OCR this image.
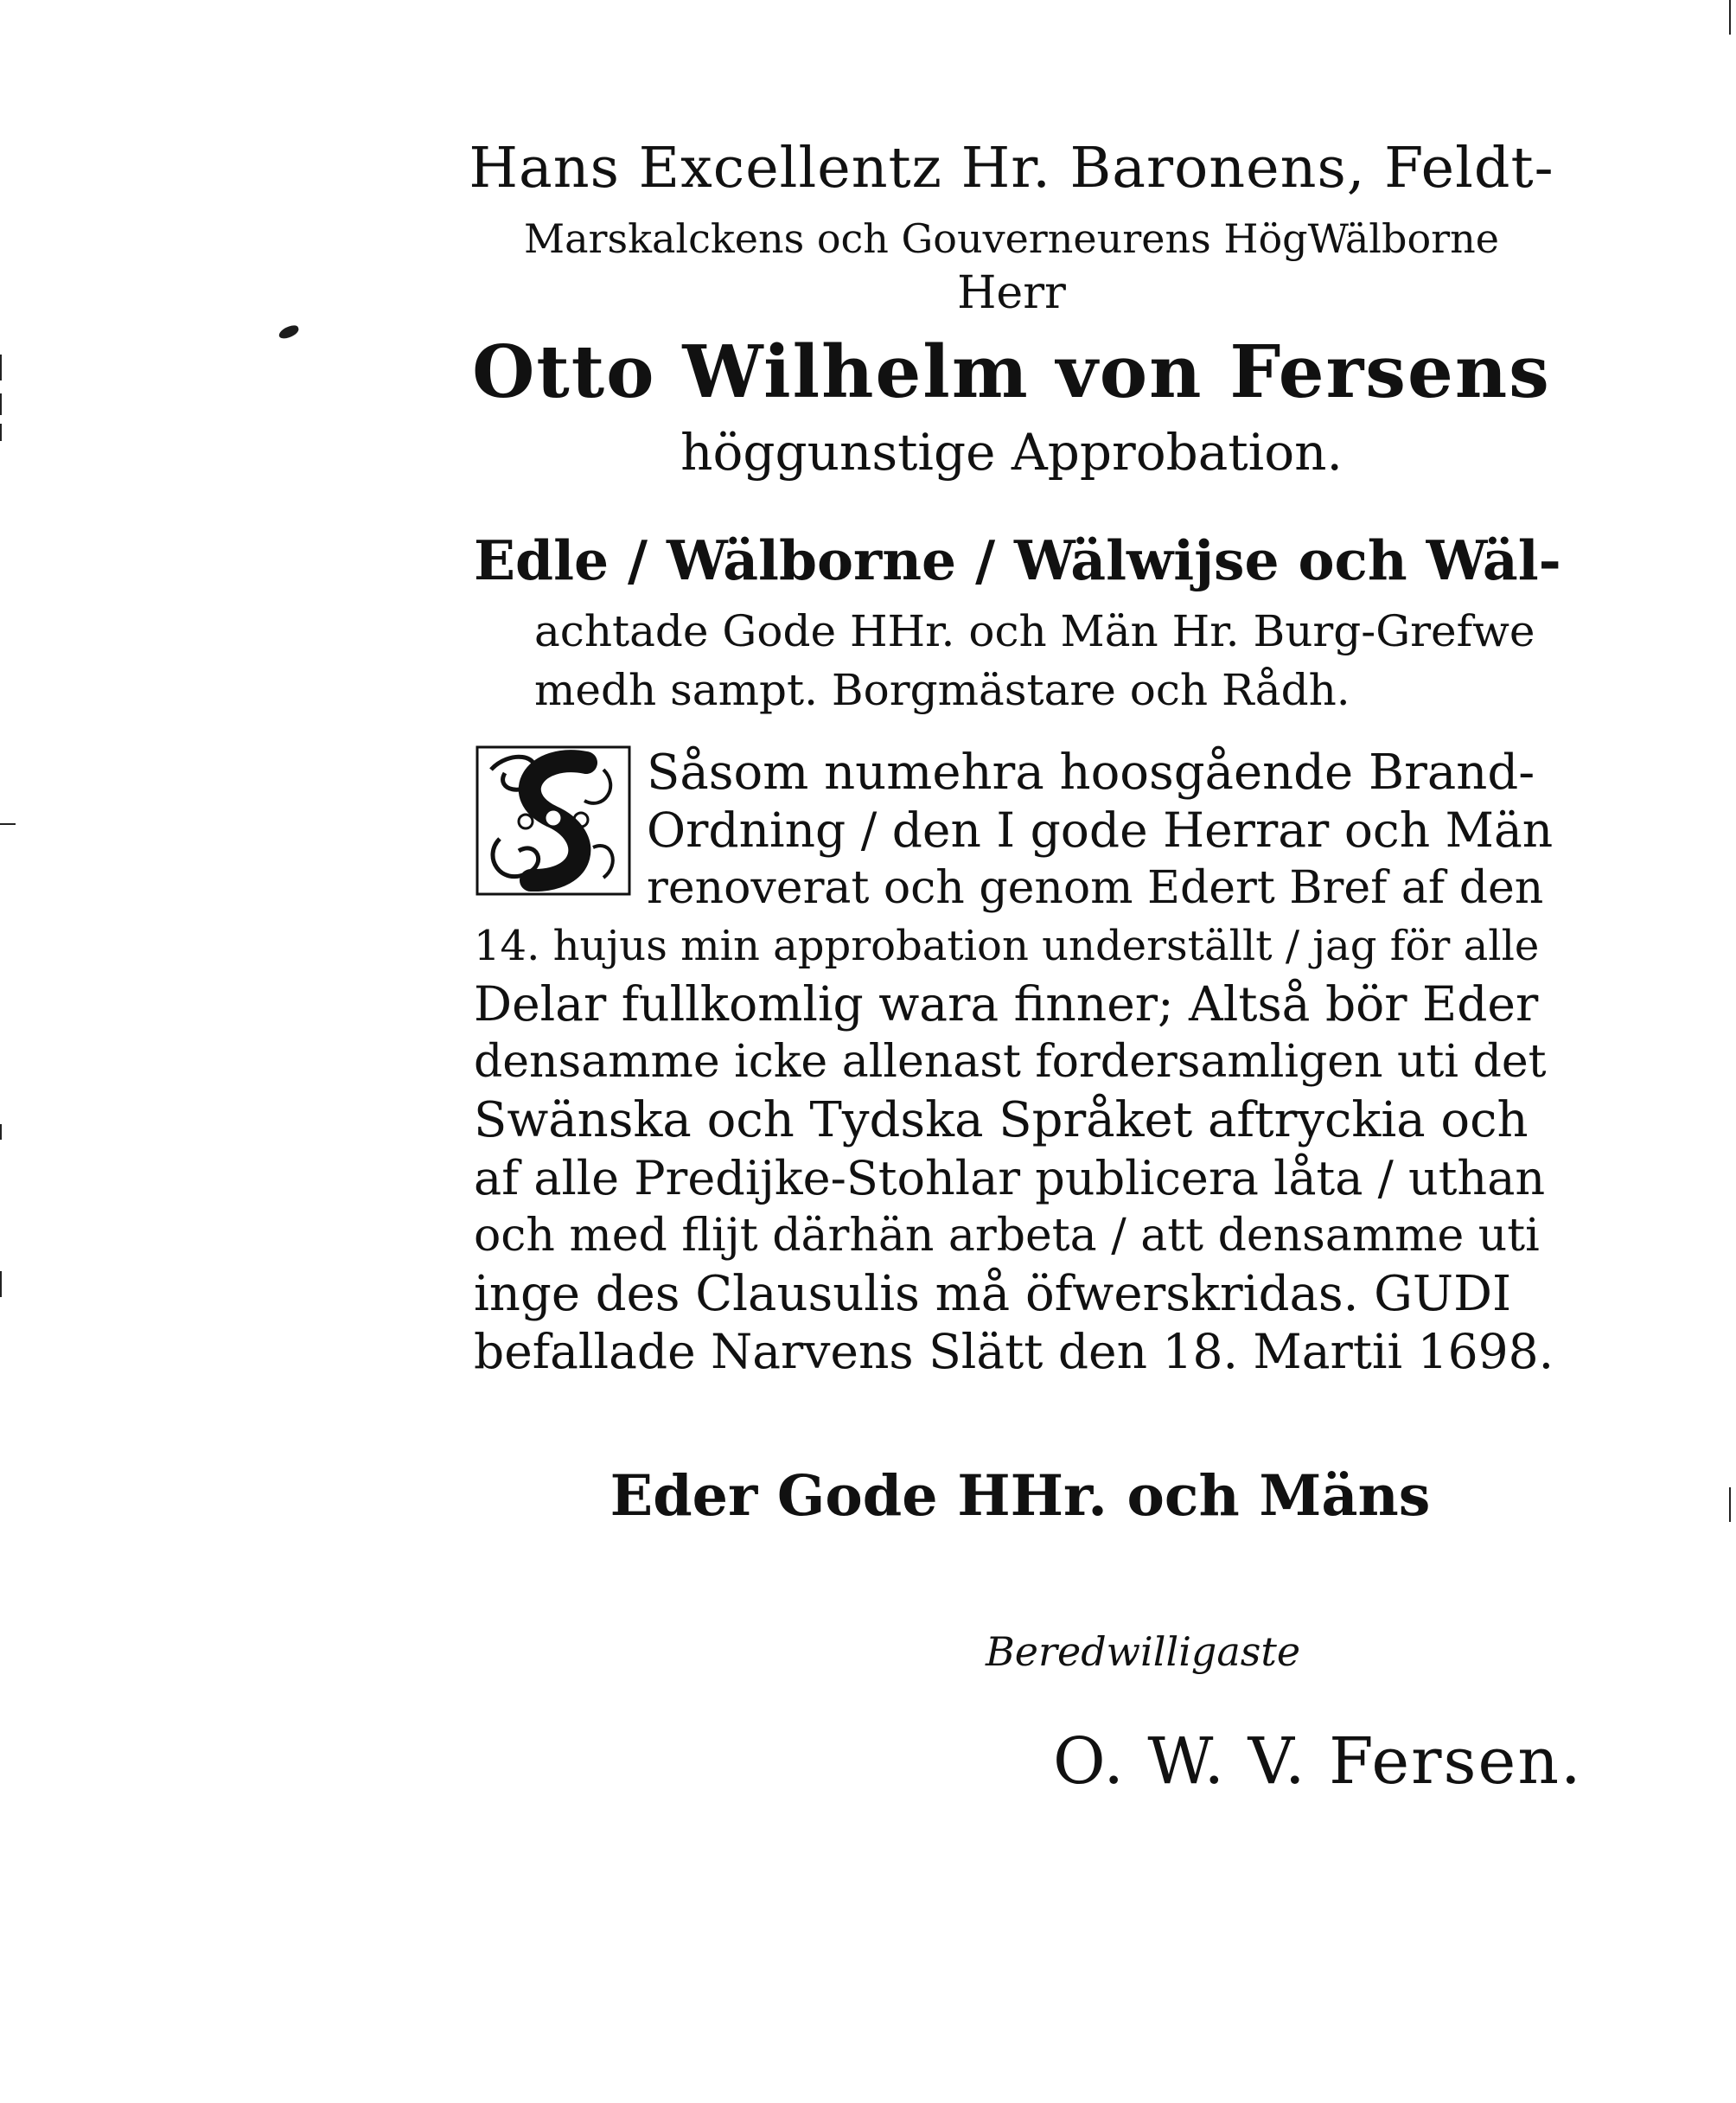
Hans Excellentz Hr. Baronens, Feldt-
Marskalckens och Gouverneurens HögWälborne
Herr
Otto Wilhelm von Fersens
höggunstige Approbation.
Edle / Wälborne / Wälwijse och Wäl-
achtade Gode HHr. och Män Hr. Burg-Grefwe
medh sampt. Borgmästare och Rådh.
Såsom numehra hoosgående Brand-
Ordning / den I gode Herrar och Män
renoverat och genom Edert Bref af den
14. hujus min approbation underställt / jag för alle
Delar fullkomlig wara finner; Altså bör Eder
densamme icke allenast fordersamligen uti det
Swänska och Tydska Språket aftryckia och
af alle Predijke-Stohlar publicera låta / uthan
och med flijt därhän arbeta / att densamme uti
inge des Clausulis må öfwerskridas. GUDI
befallade Narvens Slätt den 18. Martii 1698.
Eder Gode HHr. och Mäns
Beredwilligaste
O. W. V. Fersen.
